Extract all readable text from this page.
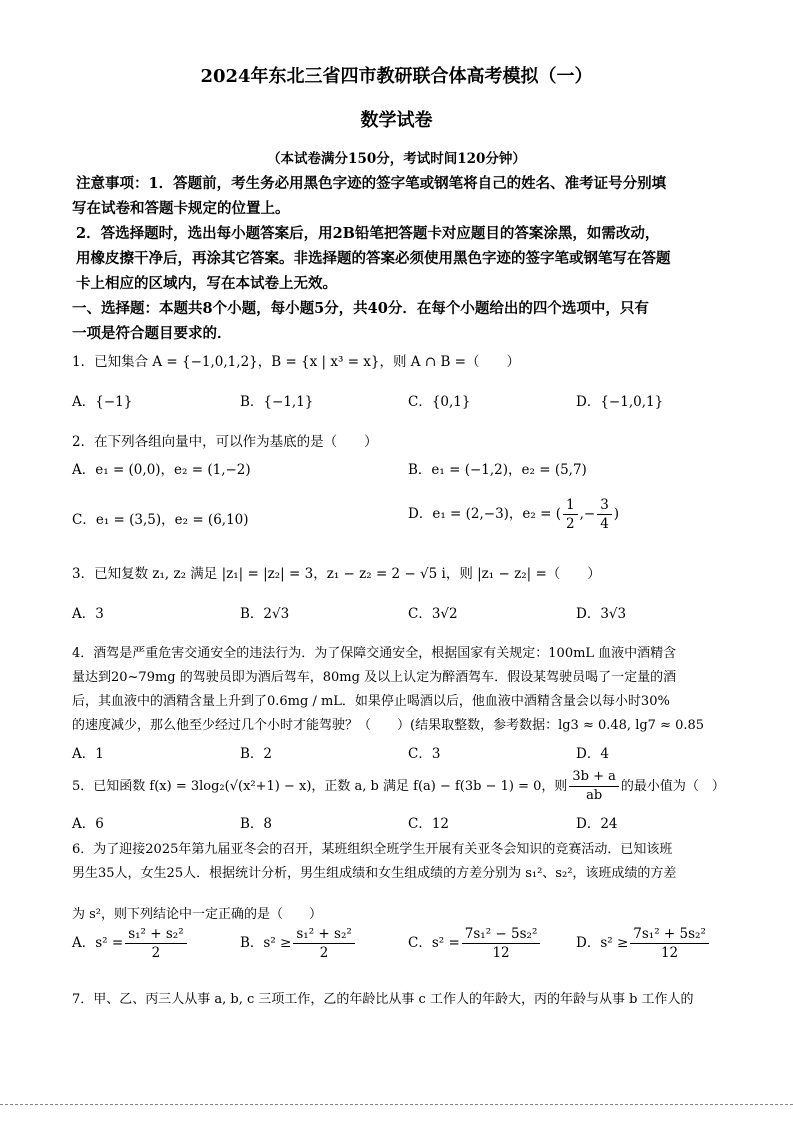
2024年东北三省四市教研联合体高考模拟（一）
数学试卷
（本试卷满分150分，考试时间120分钟）
注意事项：1．答题前，考生务必用黑色字迹的签字笔或钢笔将自己的姓名、准考证号分别填
写在试卷和答题卡规定的位置上。
2．答选择题时，选出每小题答案后，用2B铅笔把答题卡对应题目的答案涂黑，如需改动，
用橡皮擦干净后，再涂其它答案。非选择题的答案必须使用黑色字迹的签字笔或钢笔写在答题
卡上相应的区域内，写在本试卷上无效。
一、选择题：本题共8个小题，每小题5分，共40分．在每个小题给出的四个选项中，只有
一项是符合题目要求的．
1．已知集合 A = {−1,0,1,2}，B = {x | x³ = x}，则 A ∩ B =（　　）
A．{−1}	B．{−1,1}	C．{0,1}	D．{−1,0,1}
2．在下列各组向量中，可以作为基底的是（　　）
A．e₁ = (0,0)，e₂ = (1,−2)	B．e₁ = (−1,2)，e₂ = (5,7)
C．e₁ = (3,5)，e₂ = (6,10)	D．e₁ = (2,−3)，e₂ = ( $\frac{1}{2}$ ,− $\frac{3}{4}$ )
3．已知复数 z₁, z₂ 满足 |z₁| = |z₂| = 3，z₁ − z₂ = 2 − √5 i，则 |z₁ − z₂| =（　　）
A．3	B．2√3	C．3√2	D．3√3
4．酒驾是严重危害交通安全的违法行为．为了保障交通安全，根据国家有关规定：100mL 血液中酒精含
量达到20~79mg 的驾驶员即为酒后驾车，80mg 及以上认定为醉酒驾车．假设某驾驶员喝了一定量的酒
后，其血液中的酒精含量上升到了0.6mg / mL．如果停止喝酒以后，他血液中酒精含量会以每小时30%
的速度减少，那么他至少经过几个小时才能驾驶？（　　）(结果取整数，参考数据：lg3 ≈ 0.48, lg7 ≈ 0.85
A．1	B．2	C．3	D．4
5．已知函数 f(x) = 3log₂(√(x²+1) − x)，正数 a, b 满足 f(a) − f(3b − 1) = 0，则 $\frac{3b + a}{ab}$ 的最小值为（　）
A．6	B．8	C．12	D．24
6．为了迎接2025年第九届亚冬会的召开，某班组织全班学生开展有关亚冬会知识的竞赛活动．已知该班
男生35人，女生25人．根据统计分析，男生组成绩和女生组成绩的方差分别为 s₁²、s₂²，该班成绩的方差
为 s²，则下列结论中一定正确的是（　　）
A．$s^2 = \frac{\text{s₁² + s₂²}}{2}$	B．$s^2 \ge \frac{\text{s₁² + s₂²}}{2}$	C．$s^2 = \frac{\text{7s₁² − 5s₂²}}{12}$	D．$s^2 \ge \frac{\text{7s₁² + 5s₂²}}{12}$
7．甲、乙、丙三人从事 a, b, c 三项工作，乙的年龄比从事 c 工作人的年龄大，丙的年龄与从事 b 工作人的
